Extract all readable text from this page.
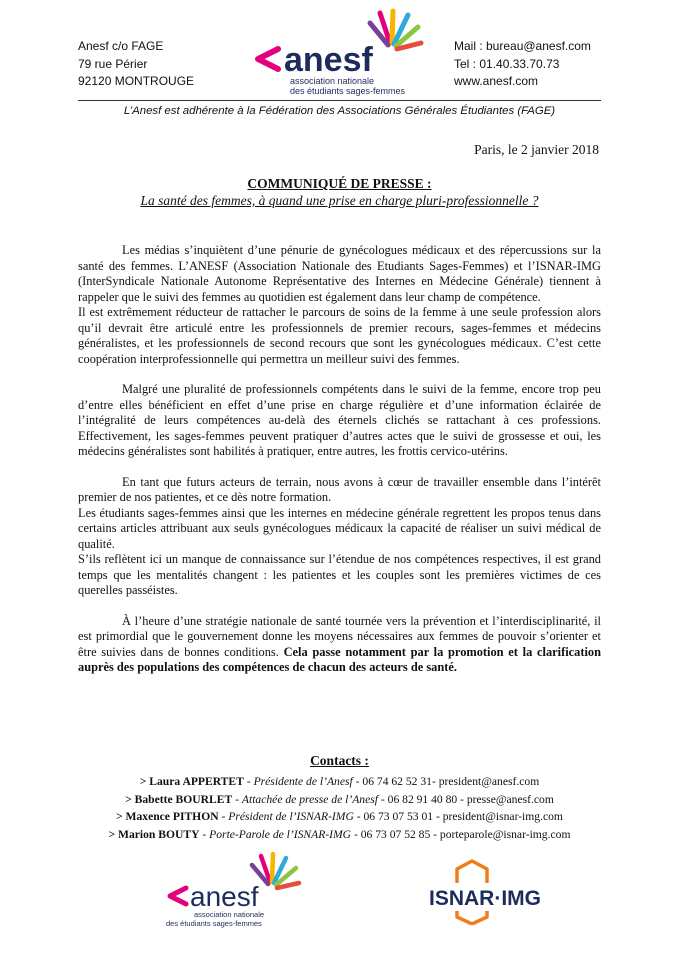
Anesf c/o FAGE
79 rue Périer
92120 MONTROUGE
anesf
association nationale
des étudiants sages-femmes
Mail : bureau@anesf.com
Tel : 01.40.33.70.73
www.anesf.com
L’Anesf est adhérente à la Fédération des Associations Générales Étudiantes (FAGE)
Paris, le 2 janvier 2018
COMMUNIQUÉ DE PRESSE :
La santé des femmes, à quand une prise en charge pluri-professionnelle ?

Les médias s’inquiètent d’une pénurie de gynécologues médicaux et des répercussions sur la santé des femmes. L’ANESF (Association Nationale des Etudiants Sages-Femmes) et l’ISNAR-IMG (InterSyndicale Nationale Autonome Représentative des Internes en Médecine Générale) tiennent à rappeler que le suivi des femmes au quotidien est également dans leur champ de compétence.

Il est extrêmement réducteur de rattacher le parcours de soins de la femme à une seule profession alors qu’il devrait être articulé entre les professionnels de premier recours, sages-femmes et médecins généralistes, et les professionnels de second recours que sont les gynécologues médicaux. C’est cette coopération interprofessionnelle qui permettra un meilleur suivi des femmes.

Malgré une pluralité de professionnels compétents dans le suivi de la femme, encore trop peu d’entre elles bénéficient en effet d’une prise en charge régulière et d’une information éclairée de l’intégralité de leurs compétences au-delà des éternels clichés se rattachant à ces professions. Effectivement, les sages-femmes peuvent pratiquer d’autres actes que le suivi de grossesse et oui, les médecins généralistes sont habilités à pratiquer, entre autres, les frottis cervico-utérins.

En tant que futurs acteurs de terrain, nous avons à cœur de travailler ensemble dans l’intérêt premier de nos patientes, et ce dès notre formation.

Les étudiants sages-femmes ainsi que les internes en médecine générale regrettent les propos tenus dans certains articles attribuant aux seuls gynécologues médicaux la capacité de réaliser un suivi médical de qualité.

S’ils reflètent ici un manque de connaissance sur l’étendue de nos compétences respectives, il est grand temps que les mentalités changent : les patientes et les couples sont les premières victimes de ces querelles passéistes.

À l’heure d’une stratégie nationale de santé tournée vers la prévention et l’interdisciplinarité, il est primordial que le gouvernement donne les moyens nécessaires aux femmes de pouvoir s’orienter et être suivies dans de bonnes conditions. Cela passe notamment par la promotion et la clarification auprès des populations des compétences de chacun des acteurs de santé.

Contacts :
> Laura APPERTET - Présidente de l’Anesf - 06 74 62 52 31- president@anesf.com
> Babette BOURLET - Attachée de presse de l’Anesf - 06 82 91 40 80 - presse@anesf.com
> Maxence PITHON - Président de l’ISNAR-IMG - 06 73 07 53 01 - president@isnar-img.com
> Marion BOUTY - Porte-Parole de l’ISNAR-IMG - 06 73 07 52 85 - porteparole@isnar-img.com
anesf
association nationale
des étudiants sages-femmes
ISNAR·IMG
